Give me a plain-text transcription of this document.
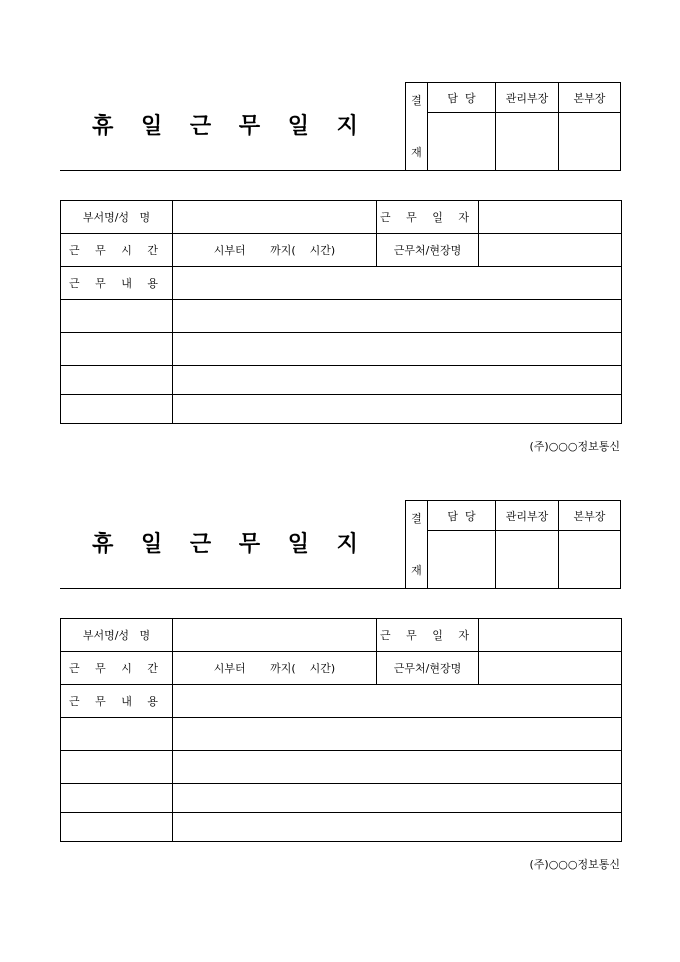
휴 일 근 무 일 지
결
재	담  당	관리부장	본부장

부서명/성   명		근 무 일 자	
근 무 시 간	시부터       까지(    시간)	근무처/현장명	
근 무 내 용			

(주)○○○정보통신
휴 일 근 무 일 지
결
재	담  당	관리부장	본부장

부서명/성   명		근 무 일 자	
근 무 시 간	시부터       까지(    시간)	근무처/현장명	
근 무 내 용			

(주)○○○정보통신
